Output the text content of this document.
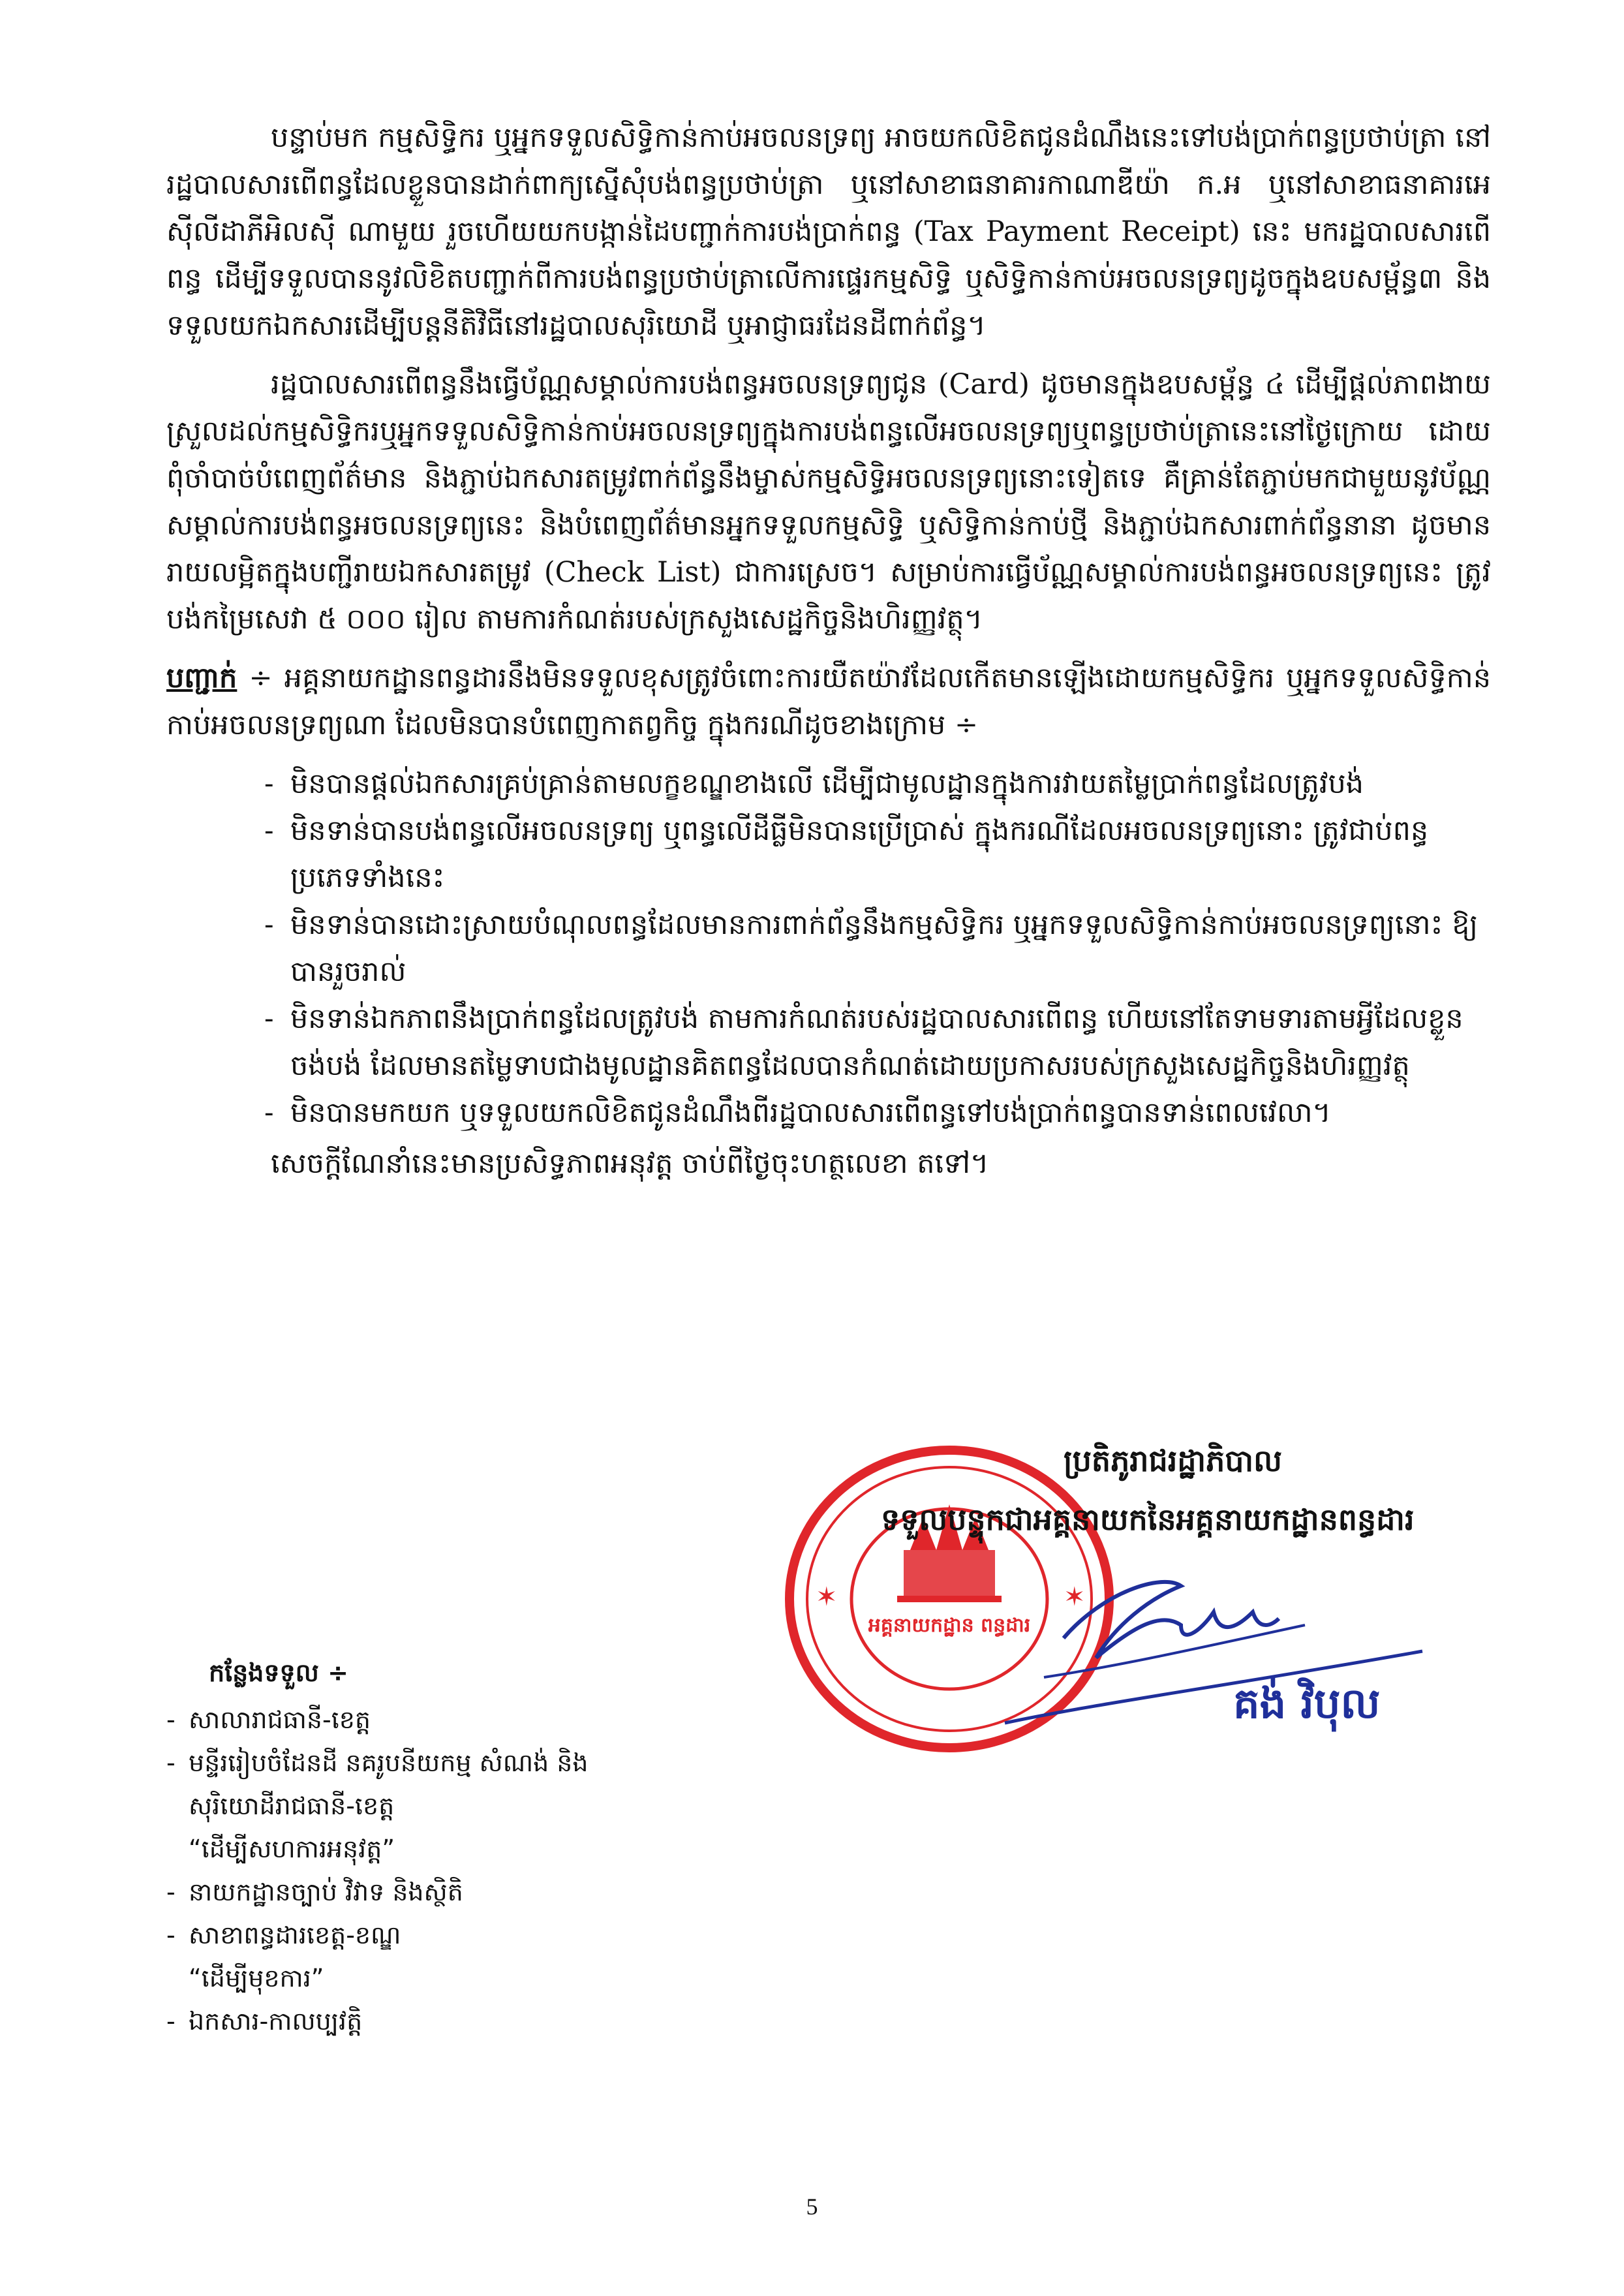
បន្ទាប់មក កម្មសិទ្ធិករ ឬអ្នកទទួលសិទ្ធិកាន់កាប់អចលនទ្រព្យ អាចយកលិខិតជូនដំណឹងនេះទៅបង់ប្រាក់ពន្ធប្រថាប់ត្រា នៅរដ្ឋបាលសារពើពន្ធដែលខ្លួនបានដាក់ពាក្យស្នើសុំបង់ពន្ធប្រថាប់ត្រា ឬនៅសាខាធនាគារកាណាឌីយ៉ា ក.អ ឬនៅសាខាធនាគារអេស៊ីលីដាភីអិលស៊ី ណាមួយ រួចហើយយកបង្កាន់ដៃបញ្ជាក់ការបង់ប្រាក់ពន្ធ (Tax Payment Receipt) នេះ មករដ្ឋបាលសារពើពន្ធ ដើម្បីទទួលបាននូវលិខិតបញ្ជាក់ពីការបង់ពន្ធប្រថាប់ត្រាលើការផ្ទេរកម្មសិទ្ធិ ឬសិទ្ធិកាន់កាប់អចលនទ្រព្យដូចក្នុងឧបសម្ព័ន្ធ៣ និងទទួលយកឯកសារដើម្បីបន្តនីតិវិធីនៅរដ្ឋបាលសុរិយោដី ឬអាជ្ញាធរដែនដីពាក់ព័ន្ធ។

រដ្ឋបាលសារពើពន្ធនឹងធ្វើប័ណ្ណសម្គាល់ការបង់ពន្ធអចលនទ្រព្យជូន (Card) ដូចមានក្នុងឧបសម្ព័ន្ធ ៤ ដើម្បីផ្តល់ភាពងាយស្រួលដល់កម្មសិទ្ធិករឬអ្នកទទួលសិទ្ធិកាន់កាប់អចលនទ្រព្យក្នុងការបង់ពន្ធលើអចលនទ្រព្យឬពន្ធប្រថាប់ត្រានេះនៅថ្ងៃក្រោយ ដោយពុំចាំបាច់បំពេញព័ត៌មាន និងភ្ជាប់ឯកសារតម្រូវពាក់ព័ន្ធនឹងម្ចាស់កម្មសិទ្ធិអចលនទ្រព្យនោះទៀតទេ គឺគ្រាន់តែភ្ជាប់មកជាមួយនូវប័ណ្ណសម្គាល់ការបង់ពន្ធអចលនទ្រព្យនេះ និងបំពេញព័ត៌មានអ្នកទទួលកម្មសិទ្ធិ ឬសិទ្ធិកាន់កាប់ថ្មី និងភ្ជាប់ឯកសារពាក់ព័ន្ធនានា ដូចមានរាយលម្អិតក្នុងបញ្ជីរាយឯកសារតម្រូវ (Check List) ជាការស្រេច។ សម្រាប់ការធ្វើប័ណ្ណសម្គាល់ការបង់ពន្ធអចលនទ្រព្យនេះ ត្រូវបង់កម្រៃសេវា ៥ ០០០ រៀល តាមការកំណត់របស់ក្រសួងសេដ្ឋកិច្ចនិងហិរញ្ញវត្ថុ។

បញ្ជាក់ ÷ អគ្គនាយកដ្ឋានពន្ធដារនឹងមិនទទួលខុសត្រូវចំពោះការយឺតយ៉ាវដែលកើតមានឡើងដោយកម្មសិទ្ធិករ ឬអ្នកទទួលសិទ្ធិកាន់កាប់អចលនទ្រព្យណា ដែលមិនបានបំពេញកាតព្វកិច្ច ក្នុងករណីដូចខាងក្រោម ÷

- មិនបានផ្តល់ឯកសារគ្រប់គ្រាន់តាមលក្ខខណ្ឌខាងលើ ដើម្បីជាមូលដ្ឋានក្នុងការវាយតម្លៃប្រាក់ពន្ធដែលត្រូវបង់
- មិនទាន់បានបង់ពន្ធលើអចលនទ្រព្យ ឬពន្ធលើដីធ្លីមិនបានប្រើប្រាស់ ក្នុងករណីដែលអចលនទ្រព្យនោះ ត្រូវជាប់ពន្ធប្រភេទទាំងនេះ
- មិនទាន់បានដោះស្រាយបំណុលពន្ធដែលមានការពាក់ព័ន្ធនឹងកម្មសិទ្ធិករ ឬអ្នកទទួលសិទ្ធិកាន់កាប់អចលនទ្រព្យនោះ ឱ្យបានរួចរាល់
- មិនទាន់ឯកភាពនឹងប្រាក់ពន្ធដែលត្រូវបង់ តាមការកំណត់របស់រដ្ឋបាលសារពើពន្ធ ហើយនៅតែទាមទារតាមអ្វីដែលខ្លួនចង់បង់ ដែលមានតម្លៃទាបជាងមូលដ្ឋានគិតពន្ធដែលបានកំណត់ដោយប្រកាសរបស់ក្រសួងសេដ្ឋកិច្ចនិងហិរញ្ញវត្ថុ
- មិនបានមកយក ឬទទួលយកលិខិតជូនដំណឹងពីរដ្ឋបាលសារពើពន្ធទៅបង់ប្រាក់ពន្ធបានទាន់ពេលវេលា។

សេចក្តីណែនាំនេះមានប្រសិទ្ធភាពអនុវត្ត ចាប់ពីថ្ងៃចុះហត្ថលេខា តទៅ។

អគ្គនាយកដ្ឋាន ពន្ធដារ
✶	✶
ប្រតិភូរាជរដ្ឋាភិបាល
ទទួលបន្ទុកជាអគ្គនាយកនៃអគ្គនាយកដ្ឋានពន្ធដារ
គង់ វិបុល
កន្លែងទទួល ÷
- សាលារាជធានី-ខេត្ត
- មន្ទីររៀបចំដែនដី នគរូបនីយកម្ម សំណង់ និង
សុរិយោដីរាជធានី-ខេត្ត
“ដើម្បីសហការអនុវត្ត”
- នាយកដ្ឋានច្បាប់ វិវាទ និងស្ថិតិ
- សាខាពន្ធដារខេត្ត-ខណ្ឌ
“ដើម្បីមុខការ”
- ឯកសារ-កាលប្បវត្តិ
5
